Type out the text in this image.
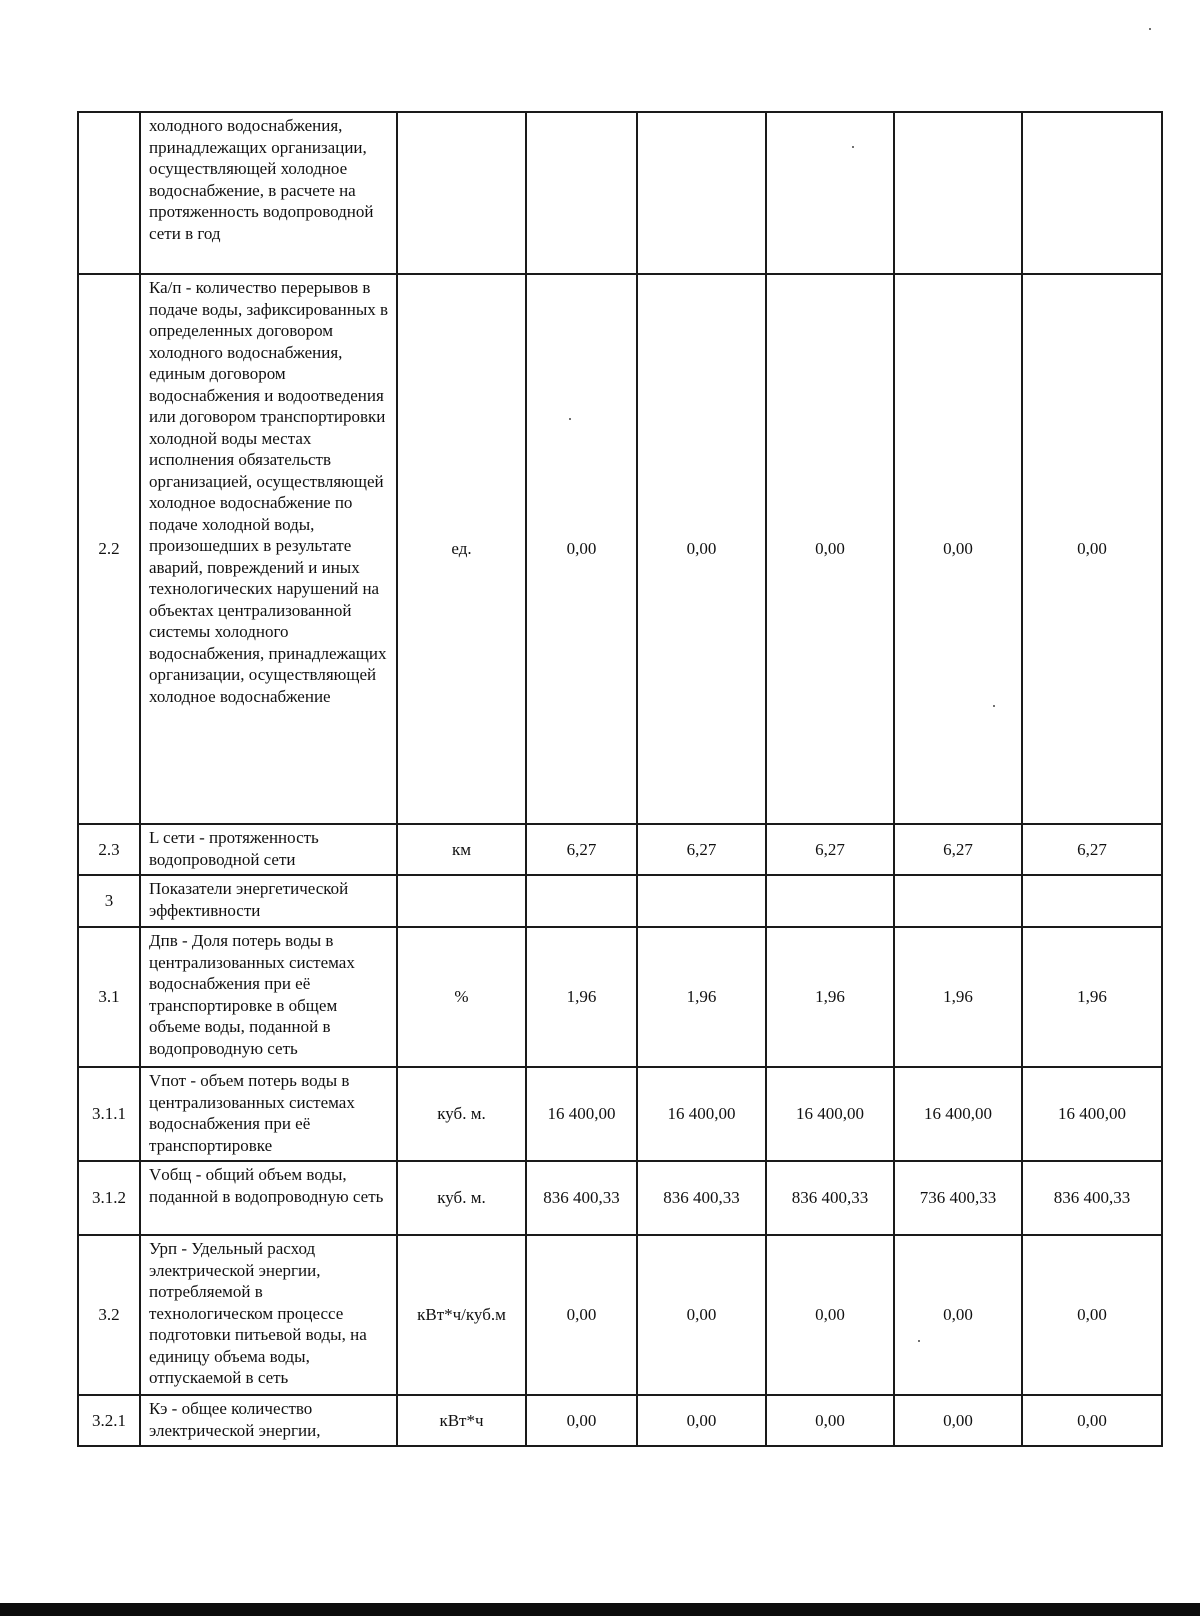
	холодного водоснабжения, принадлежащих организации, осуществляющей холодное водоснабжение, в расчете на протяженность водопроводной сети в год						
2.2	Ка/п - количество перерывов в подаче воды, зафиксированных в определенных договором холодного водоснабжения, единым договором водоснабжения и водоотведения или договором транспортировки холодной воды местах исполнения обязательств организацией, осуществляющей холодное водоснабжение по подаче холодной воды, произошедших в результате аварий, повреждений и иных технологических нарушений на объектах централизованной системы холодного водоснабжения, принадлежащих организации, осуществляющей холодное водоснабжение	ед.	0,00	0,00	0,00	0,00	0,00
2.3	L сети - протяженность водопроводной сети	км	6,27	6,27	6,27	6,27	6,27
3	Показатели энергетической эффективности						
3.1	Дпв - Доля потерь воды в централизованных системах водоснабжения при её транспортировке в общем объеме воды, поданной в водопроводную сеть	%	1,96	1,96	1,96	1,96	1,96
3.1.1	Vпот - объем потерь воды в централизованных системах водоснабжения при её транспортировке	куб. м.	16 400,00	16 400,00	16 400,00	16 400,00	16 400,00
3.1.2	Vобщ - общий объем воды, поданной в водопроводную сеть	куб. м.	836 400,33	836 400,33	836 400,33	736 400,33	836 400,33
3.2	Урп - Удельный расход электрической энергии, потребляемой в технологическом процессе подготовки питьевой воды, на единицу объема воды, отпускаемой в сеть	кВт*ч/куб.м	0,00	0,00	0,00	0,00	0,00
3.2.1	Кэ - общее количество электрической энергии,	кВт*ч	0,00	0,00	0,00	0,00	0,00
